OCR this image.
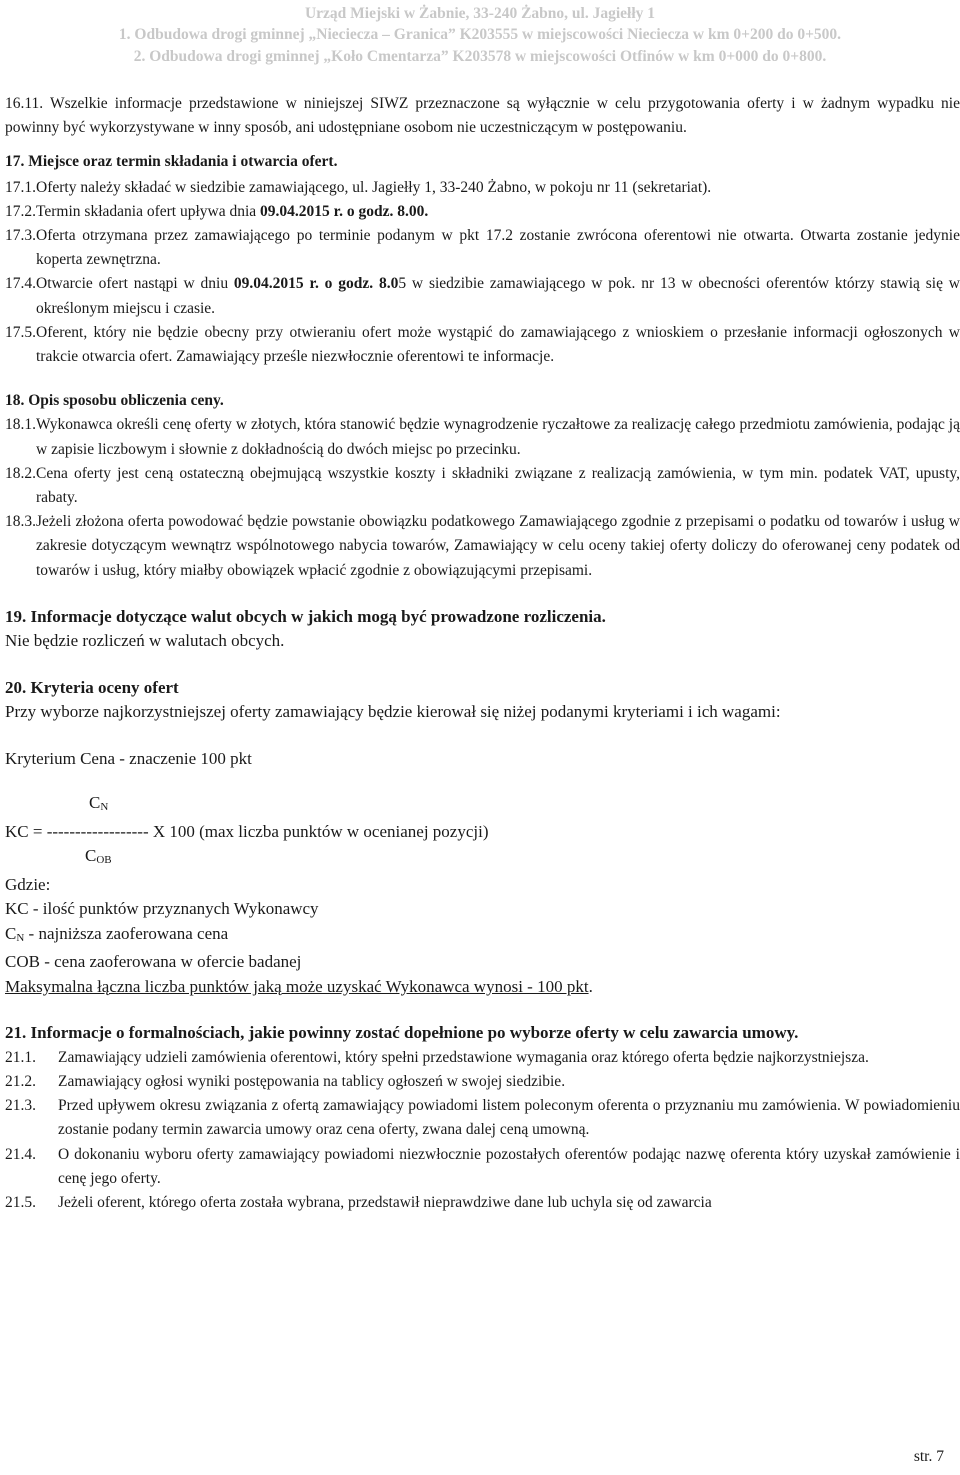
Urząd Miejski w Żabnie, 33-240 Żabno, ul. Jagiełły 1
1. Odbudowa drogi gminnej „Niecieczа – Granica” K203555 w miejscowości Nieciecza w km 0+200 do 0+500.
2. Odbudowa drogi gminnej „Koło Cmentarza” K203578 w miejscowości Otfinów w km 0+000 do 0+800.
16.11. Wszelkie informacje przedstawione w niniejszej SIWZ przeznaczone są wyłącznie w celu przygotowania oferty i w żadnym wypadku nie powinny być wykorzystywane w inny sposób, ani udostępniane osobom nie uczestniczącym w postępowaniu.
17. Miejsce oraz termin składania i otwarcia ofert.
17.1. Oferty należy składać w siedzibie zamawiającego, ul. Jagiełły 1, 33-240 Żabno, w pokoju nr 11 (sekretariat).
17.2. Termin składania ofert upływa dnia 09.04.2015 r. o godz. 8.00.
17.3. Oferta otrzymana przez zamawiającego po terminie podanym w pkt 17.2 zostanie zwrócona oferentowi nie otwarta. Otwarta zostanie jedynie koperta zewnętrzna.
17.4. Otwarcie ofert nastąpi w dniu 09.04.2015 r. o godz. 8.05 w siedzibie zamawiającego w pok. nr 13 w obecności oferentów którzy stawią się w określonym miejscu i czasie.
17.5. Oferent, który nie będzie obecny przy otwieraniu ofert może wystąpić do zamawiającego z wnioskiem o przesłanie informacji ogłoszonych w trakcie otwarcia ofert. Zamawiający prześle niezwłocznie oferentowi te informacje.
18. Opis sposobu obliczenia ceny.
18.1. Wykonawca określi cenę oferty w złotych, która stanowić będzie wynagrodzenie ryczałtowe za realizację całego przedmiotu zamówienia, podając ją w zapisie liczbowym i słownie z dokładnością do dwóch miejsc po przecinku.
18.2. Cena oferty jest ceną ostateczną obejmującą wszystkie koszty i składniki związane z realizacją zamówienia, w tym min. podatek VAT, upusty, rabaty.
18.3. Jeżeli złożona oferta powodować będzie powstanie obowiązku podatkowego Zamawiającego zgodnie z przepisami o podatku od towarów i usług w zakresie dotyczącym wewnątrz wspólnotowego nabycia towarów, Zamawiający w celu oceny takiej oferty doliczy do oferowanej ceny podatek od towarów i usług, który miałby obowiązek wpłacić zgodnie z obowiązującymi przepisami.
19. Informacje dotyczące walut obcych w jakich mogą być prowadzone rozliczenia.
Nie będzie rozliczeń w walutach obcych.
20. Kryteria oceny ofert
Przy wyborze najkorzystniejszej oferty zamawiający będzie kierował się niżej podanymi kryteriami i ich wagami:
Kryterium Cena - znaczenie 100 pkt
CN
KC = ------------------ X 100 (max liczba punktów w ocenianej pozycji)
COB
Gdzie:
KC - ilość punktów przyznanych Wykonawcy
CN - najniższa zaoferowana cena
COB - cena zaoferowana w ofercie badanej
Maksymalna łączna liczba punktów jaką może uzyskać Wykonawca wynosi - 100 pkt.
21. Informacje o formalnościach, jakie powinny zostać dopełnione po wyborze oferty w celu zawarcia umowy.
21.1.	Zamawiający udzieli zamówienia oferentowi, który spełni przedstawione wymagania oraz którego oferta będzie najkorzystniejsza.
21.2.	Zamawiający ogłosi wyniki postępowania na tablicy ogłoszeń w swojej siedzibie.
21.3.	Przed upływem okresu związania z ofertą zamawiający powiadomi listem poleconym oferenta o przyznaniu mu zamówienia. W powiadomieniu zostanie podany termin zawarcia umowy oraz cena oferty, zwana dalej ceną umowną.
21.4.	O dokonaniu wyboru oferty zamawiający powiadomi niezwłocznie pozostałych oferentów podając nazwę oferenta który uzyskał zamówienie i cenę jego oferty.
21.5.	Jeżeli oferent, którego oferta została wybrana, przedstawił nieprawdziwe dane lub uchyla się od zawarcia
str. 7
